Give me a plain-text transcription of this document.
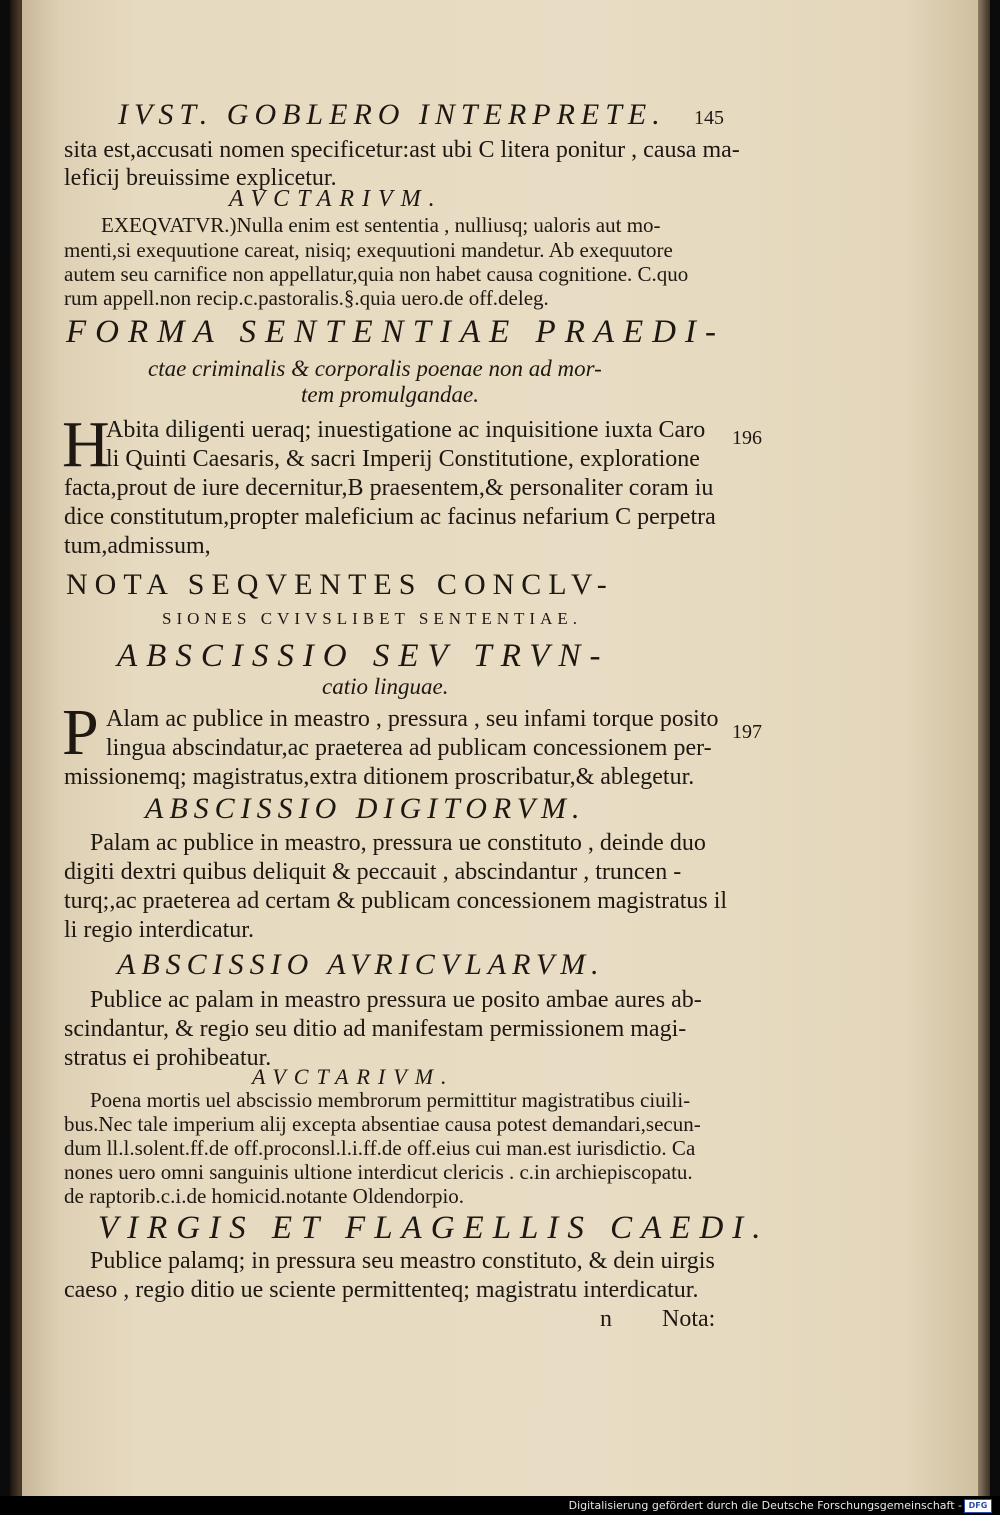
IVST. GOBLERO INTERPRETE. 145
sita est,accusati nomen specificetur:ast ubi C litera ponitur , causa ma-
leficij breuissime explicetur.
AVCTARIVM.
EXEQVATVR.)Nulla enim est sententia , nulliusq; ualoris aut mo-
menti,si exequutione careat, nisiq; exequutioni mandetur. Ab exequutore
autem seu carnifice non appellatur,quia non habet causa cognitione. C.quo
rum appell.non recip.c.pastoralis.§.quia uero.de off.deleg.
FORMA SENTENTIAE PRAEDI-
ctae criminalis & corporalis poenae non ad mor-
tem promulgandae.
H
Abita diligenti ueraq; inuestigatione ac inquisitione iuxta Caro
li Quinti Caesaris, & sacri Imperij Constitutione, exploratione
facta,prout de iure decernitur,B praesentem,& personaliter coram iu
dice constitutum,propter maleficium ac facinus nefarium C perpetra
tum,admissum,
196
NOTA SEQVENTES CONCLV-
SIONES CVIVSLIBET SENTENTIAE.
ABSCISSIO SEV TRVN-
catio linguae.
P Alam ac publice in meastro , pressura , seu infami torque posito
lingua abscindatur,ac praeterea ad publicam concessionem per-
missionemq; magistratus,extra ditionem proscribatur,& ablegetur.
197
ABSCISSIO DIGITORVM.
Palam ac publice in meastro, pressura ue constituto , deinde duo
digiti dextri quibus deliquit & peccauit , abscindantur , truncen -
turq;,ac praeterea ad certam & publicam concessionem magistratus il
li regio interdicatur.
ABSCISSIO AVRICVLARVM.
Publice ac palam in meastro pressura ue posito ambae aures ab-
scindantur, & regio seu ditio ad manifestam permissionem magi-
stratus ei prohibeatur.
AVCTARIVM.
Poena mortis uel abscissio membrorum permittitur magistratibus ciuili-
bus.Nec tale imperium alij excepta absentiae causa potest demandari,secun-
dum ll.l.solent.ff.de off.proconsl.l.i.ff.de off.eius cui man.est iurisdictio. Ca
nones uero omni sanguinis ultione interdicut clericis . c.in archiepiscopatu.
de raptorib.c.i.de homicid.notante Oldendorpio.
VIRGIS ET FLAGELLIS CAEDI.
Publice palamq; in pressura seu meastro constituto, & dein uirgis
caeso , regio ditio ue sciente permittenteq; magistratu interdicatur.
n Nota:
Digitalisierung gefördert durch die Deutsche Forschungsgemeinschaft - DFG
